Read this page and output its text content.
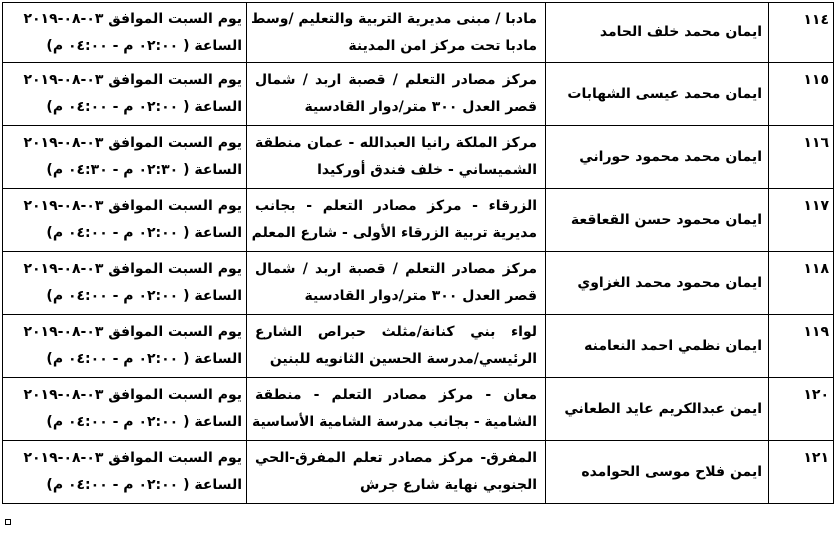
١١٤	ايمان محمد خلف الحامد	مادبا / مبنى مديرية التربية والتعليم /وسط
مادبا تحت مركز امن المدينة	يوم السبت الموافق ٠٣-٠٨-٢٠١٩
الساعة ( ٠٢:٠٠ م - ٠٤:٠٠ م)

١١٥	ايمان محمد عيسى الشهابات	مركز مصادر التعلم / قصبة اربد / شمال
قصر العدل ٣٠٠ متر/دوار القادسية	يوم السبت الموافق ٠٣-٠٨-٢٠١٩
الساعة ( ٠٢:٠٠ م - ٠٤:٠٠ م)

١١٦	ايمان محمد محمود حوراني	مركز الملكة رانيا العبدالله - عمان منطقة
الشميساني - خلف فندق أوركيدا	يوم السبت الموافق ٠٣-٠٨-٢٠١٩
الساعة ( ٠٢:٣٠ م - ٠٤:٣٠ م)

١١٧	ايمان محمود حسن القعاقعة	الزرقاء - مركز مصادر التعلم - بجانب
مديرية تربية الزرقاء الأولى - شارع المعلم	يوم السبت الموافق ٠٣-٠٨-٢٠١٩
الساعة ( ٠٢:٠٠ م - ٠٤:٠٠ م)

١١٨	ايمان محمود محمد الغزاوي	مركز مصادر التعلم / قصبة اربد / شمال
قصر العدل ٣٠٠ متر/دوار القادسية	يوم السبت الموافق ٠٣-٠٨-٢٠١٩
الساعة ( ٠٢:٠٠ م - ٠٤:٠٠ م)

١١٩	ايمان نظمي احمد النعامنه	لواء بني كنانة/مثلث حبراص الشارع
الرئيسي/مدرسة الحسين الثانويه للبنين	يوم السبت الموافق ٠٣-٠٨-٢٠١٩
الساعة ( ٠٢:٠٠ م - ٠٤:٠٠ م)

١٢٠	ايمن عبدالكريم عايد الطعاني	معان - مركز مصادر التعلم - منطقة
الشامية - بجانب مدرسة الشامية الأساسية	يوم السبت الموافق ٠٣-٠٨-٢٠١٩
الساعة ( ٠٢:٠٠ م - ٠٤:٠٠ م)

١٢١	ايمن فلاح موسى الحوامده	المفرق- مركز مصادر تعلم المفرق-الحي
الجنوبي نهاية شارع جرش	يوم السبت الموافق ٠٣-٠٨-٢٠١٩
الساعة ( ٠٢:٠٠ م - ٠٤:٠٠ م)
